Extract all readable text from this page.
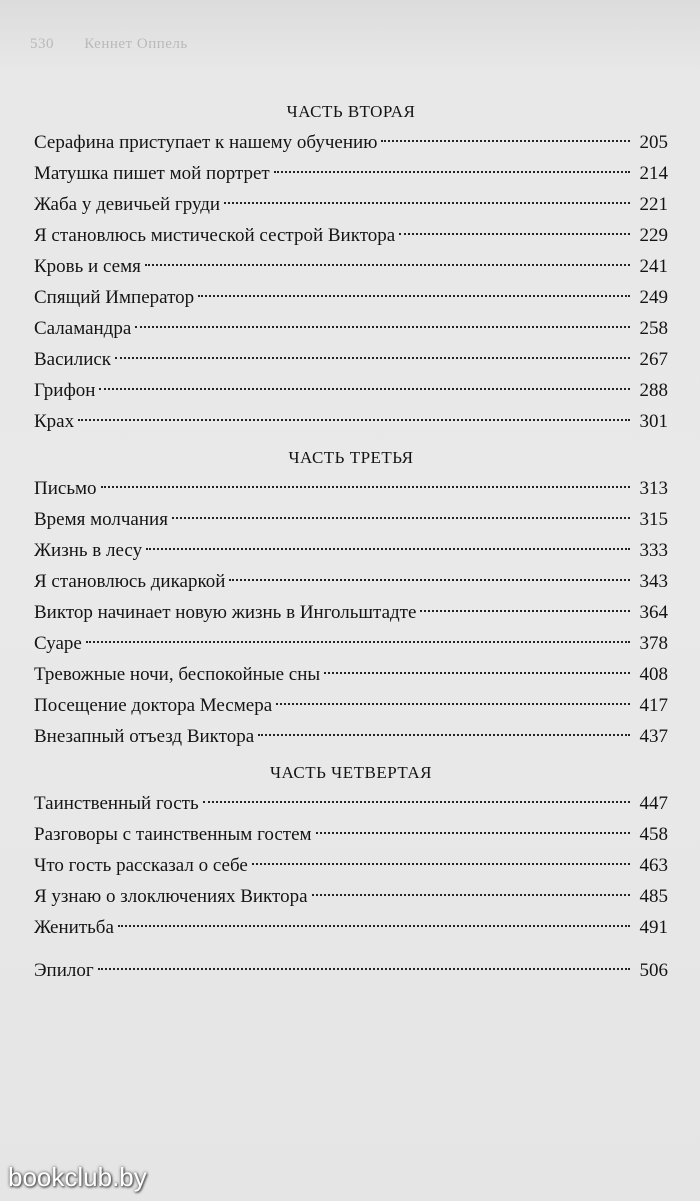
530 Кеннет Оппель
ЧАСТЬ ВТОРАЯ
Серафина приступает к нашему обучению	205
Матушка пишет мой портрет	214
Жаба у девичьей груди	221
Я становлюсь мистической сестрой Виктора	229
Кровь и семя	241
Спящий Император	249
Саламандра	258
Василиск	267
Грифон	288
Крах	301
ЧАСТЬ ТРЕТЬЯ
Письмо	313
Время молчания	315
Жизнь в лесу	333
Я становлюсь дикаркой	343
Виктор начинает новую жизнь в Ингольштадте	364
Суаре	378
Тревожные ночи, беспокойные сны	408
Посещение доктора Месмера	417
Внезапный отъезд Виктора	437
ЧАСТЬ ЧЕТВЕРТАЯ
Таинственный гость	447
Разговоры с таинственным гостем	458
Что гость рассказал о себе	463
Я узнаю о злоключениях Виктора	485
Женитьба	491
Эпилог	506
bookclub.by
